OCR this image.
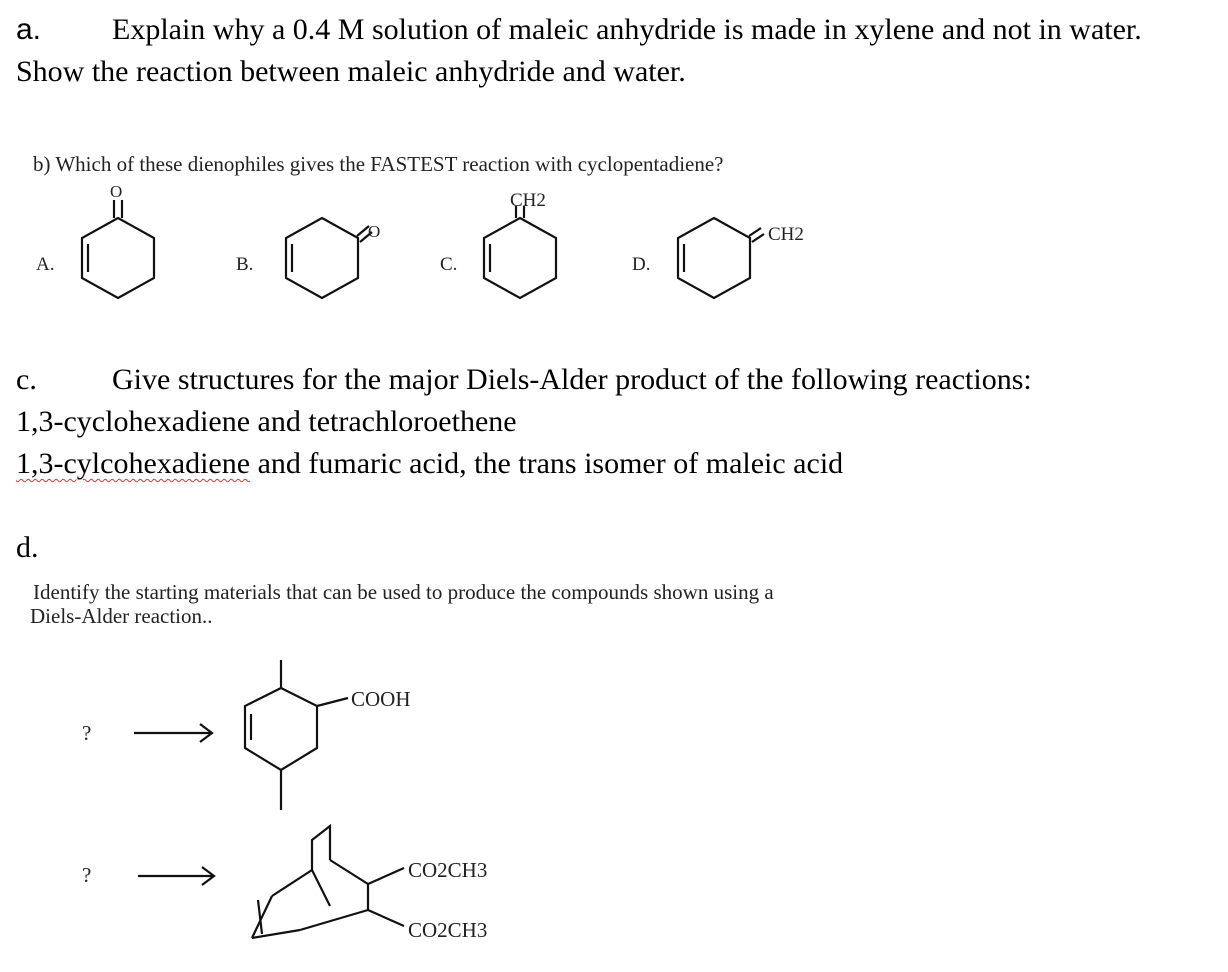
a. Explain why a 0.4 M solution of maleic anhydride is made in xylene and not in water.
Show the reaction between maleic anhydride and water.
b) Which of these dienophiles gives the FASTEST reaction with cyclopentadiene?
c.	Give structures for the major Diels-Alder product of the following reactions:
1,3-cyclohexadiene and tetrachloroethene
1,3-cylcohexadiene and fumaric acid, the trans isomer of maleic acid
d.
Identify the starting materials that can be used to produce the compounds shown using a
Diels-Alder reaction..
A.
O
B.
O
C.
CH2
D.
CH2
?
COOH
?	CO2CH3
CO2CH3
